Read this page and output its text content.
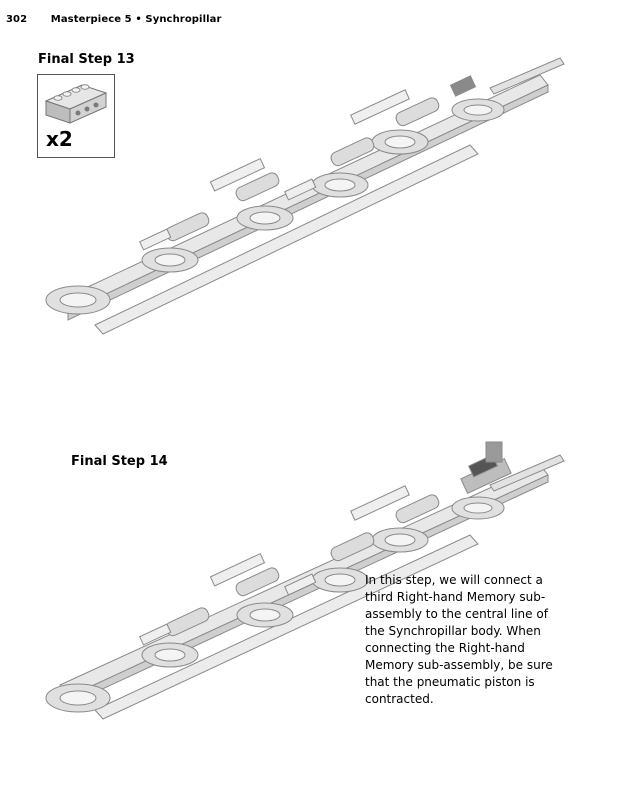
302 Masterpiece 5 • Synchropillar
Final Step 13
x2
Final Step 14
In this step, we will connect a third Right-hand Memory sub-assembly to the central line of the Synchropillar body. When connecting the Right-hand Memory sub-assembly, be sure that the pneumatic piston is contracted.
